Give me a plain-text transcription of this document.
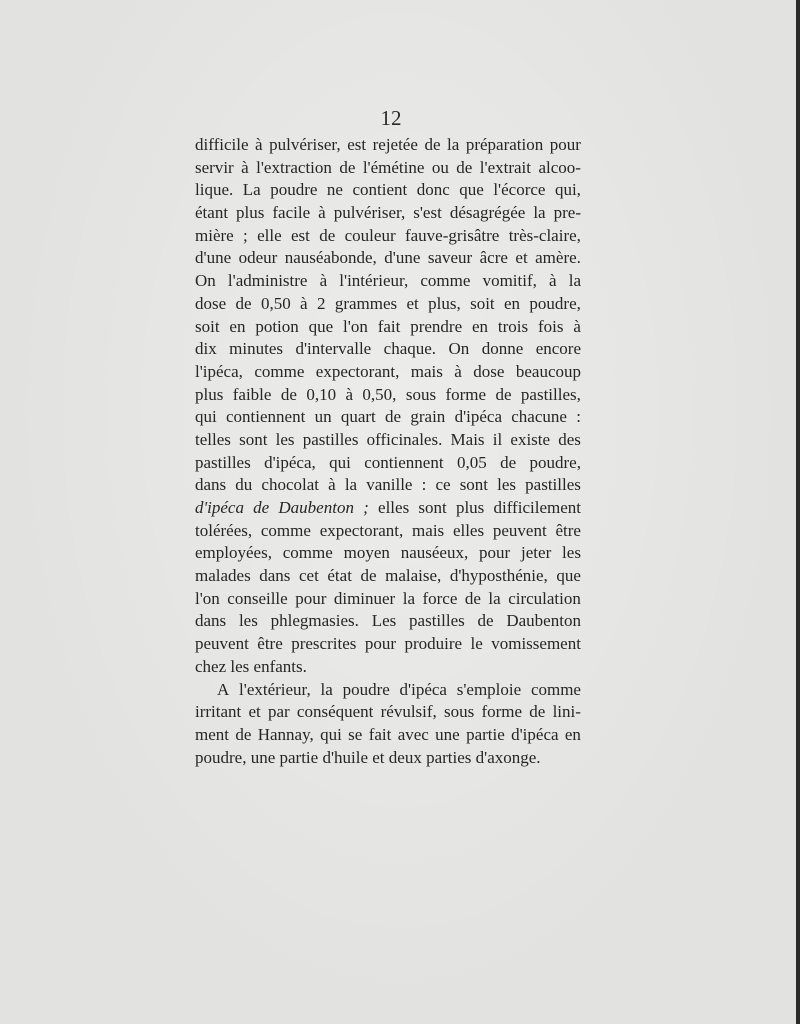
12
difficile à pulvériser, est rejetée de la préparation pour
servir à l'extraction de l'émétine ou de l'extrait alcoo-
lique. La poudre ne contient donc que l'écorce qui,
étant plus facile à pulvériser, s'est désagrégée la pre-
mière ; elle est de couleur fauve-grisâtre très-claire,
d'une odeur nauséabonde, d'une saveur âcre et amère.
On l'administre à l'intérieur, comme vomitif, à la
dose de 0,50 à 2 grammes et plus, soit en poudre,
soit en potion que l'on fait prendre en trois fois à
dix minutes d'intervalle chaque. On donne encore
l'ipéca, comme expectorant, mais à dose beaucoup
plus faible de 0,10 à 0,50, sous forme de pastilles,
qui contiennent un quart de grain d'ipéca chacune :
telles sont les pastilles officinales. Mais il existe des
pastilles d'ipéca, qui contiennent 0,05 de poudre,
dans du chocolat à la vanille : ce sont les pastilles
d'ipéca de Daubenton ; elles sont plus difficilement
tolérées, comme expectorant, mais elles peuvent être
employées, comme moyen nauséeux, pour jeter les
malades dans cet état de malaise, d'hyposthénie, que
l'on conseille pour diminuer la force de la circulation
dans les phlegmasies. Les pastilles de Daubenton
peuvent être prescrites pour produire le vomissement
chez les enfants.
A l'extérieur, la poudre d'ipéca s'emploie comme
irritant et par conséquent révulsif, sous forme de lini-
ment de Hannay, qui se fait avec une partie d'ipéca en
poudre, une partie d'huile et deux parties d'axonge.
